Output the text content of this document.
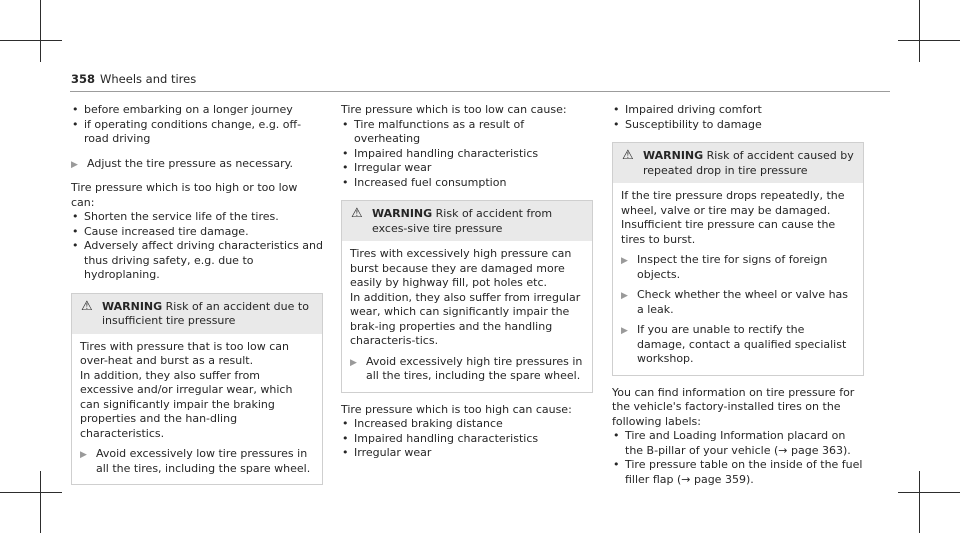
358 Wheels and tires

• before embarking on a longer journey

• if operating conditions change, e.g. off-road driving

▶ Adjust the tire pressure as necessary.

Tire pressure which is too high or too low can:

• Shorten the service life of the tires.

• Cause increased tire damage.

• Adversely affect driving characteristics and thus driving safety, e.g. due to hydroplaning.

⚠ WARNING Risk of an accident due to insufficient tire pressure

Tires with pressure that is too low can over-heat and burst as a result.

In addition, they also suffer from excessive and/or irregular wear, which can significantly impair the braking properties and the han-dling characteristics.

▶ Avoid excessively low tire pressures in all the tires, including the spare wheel.

Tire pressure which is too low can cause:

• Tire malfunctions as a result of overheating

• Impaired handling characteristics

• Irregular wear

• Increased fuel consumption

⚠ WARNING Risk of accident from exces-sive tire pressure

Tires with excessively high pressure can burst because they are damaged more easily by highway fill, pot holes etc.

In addition, they also suffer from irregular wear, which can significantly impair the brak-ing properties and the handling characteris-tics.

▶ Avoid excessively high tire pressures in all the tires, including the spare wheel.

Tire pressure which is too high can cause:

• Increased braking distance

• Impaired handling characteristics

• Irregular wear

• Impaired driving comfort

• Susceptibility to damage

⚠ WARNING Risk of accident caused by repeated drop in tire pressure

If the tire pressure drops repeatedly, the wheel, valve or tire may be damaged.

Insufficient tire pressure can cause the tires to burst.

▶ Inspect the tire for signs of foreign objects.

▶ Check whether the wheel or valve has a leak.

▶ If you are unable to rectify the damage, contact a qualified specialist workshop.

You can find information on tire pressure for the vehicle's factory-installed tires on the following labels:

• Tire and Loading Information placard on the B-pillar of your vehicle (→ page 363).

• Tire pressure table on the inside of the fuel filler flap (→ page 359).
